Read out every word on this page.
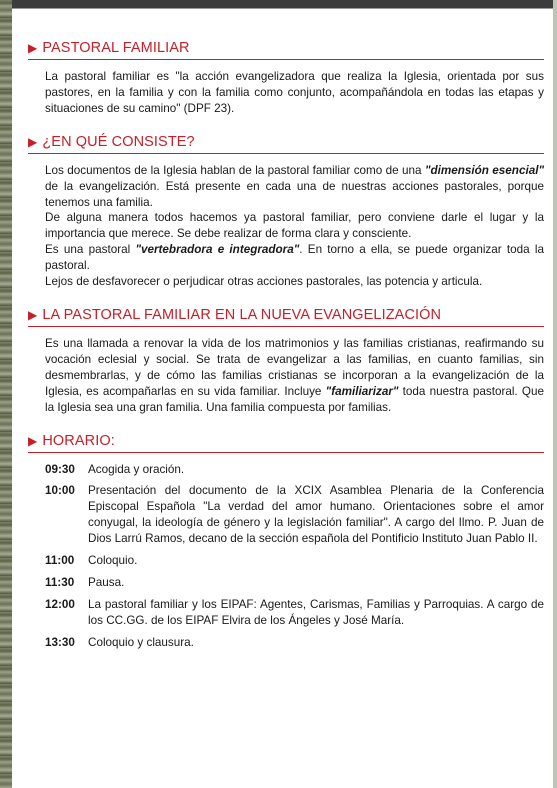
▶ PASTORAL FAMILIAR

La pastoral familiar es "la acción evangelizadora que realiza la Iglesia, orientada por sus pastores, en la familia y con la familia como conjunto, acompañándola en todas las etapas y situaciones de su camino" (DPF 23).

▶ ¿EN QUÉ CONSISTE?

Los documentos de la Iglesia hablan de la pastoral familiar como de una "dimensión esencial" de la evangelización. Está presente en cada una de nuestras acciones pastorales, porque tenemos una familia.

De alguna manera todos hacemos ya pastoral familiar, pero conviene darle el lugar y la importancia que merece. Se debe realizar de forma clara y consciente.

Es una pastoral "vertebradora e integradora". En torno a ella, se puede organizar toda la pastoral.

Lejos de desfavorecer o perjudicar otras acciones pastorales, las potencia y articula.

▶ LA PASTORAL FAMILIAR EN LA NUEVA EVANGELIZACIÓN

Es una llamada a renovar la vida de los matrimonios y las familias cristianas, reafirmando su vocación eclesial y social. Se trata de evangelizar a las familias, en cuanto familias, sin desmembrarlas, y de cómo las familias cristianas se incorporan a la evangelización de la Iglesia, es acompañarlas en su vida familiar. Incluye "familiarizar" toda nuestra pastoral. Que la Iglesia sea una gran familia. Una familia compuesta por familias.

▶ HORARIO:
09:30	Acogida y oración.
10:00	Presentación del documento de la XCIX Asamblea Plenaria de la Conferencia Episcopal Española "La verdad del amor humano. Orientaciones sobre el amor conyugal, la ideología de género y la legislación familiar". A cargo del Ilmo. P. Juan de Dios Larrú Ramos, decano de la sección española del Pontificio Instituto Juan Pablo II.
11:00	Coloquio.
11:30	Pausa.
12:00	La pastoral familiar y los EIPAF: Agentes, Carismas, Familias y Parroquias. A cargo de los CC.GG. de los EIPAF Elvira de los Ángeles y José María.
13:30	Coloquio y clausura.
